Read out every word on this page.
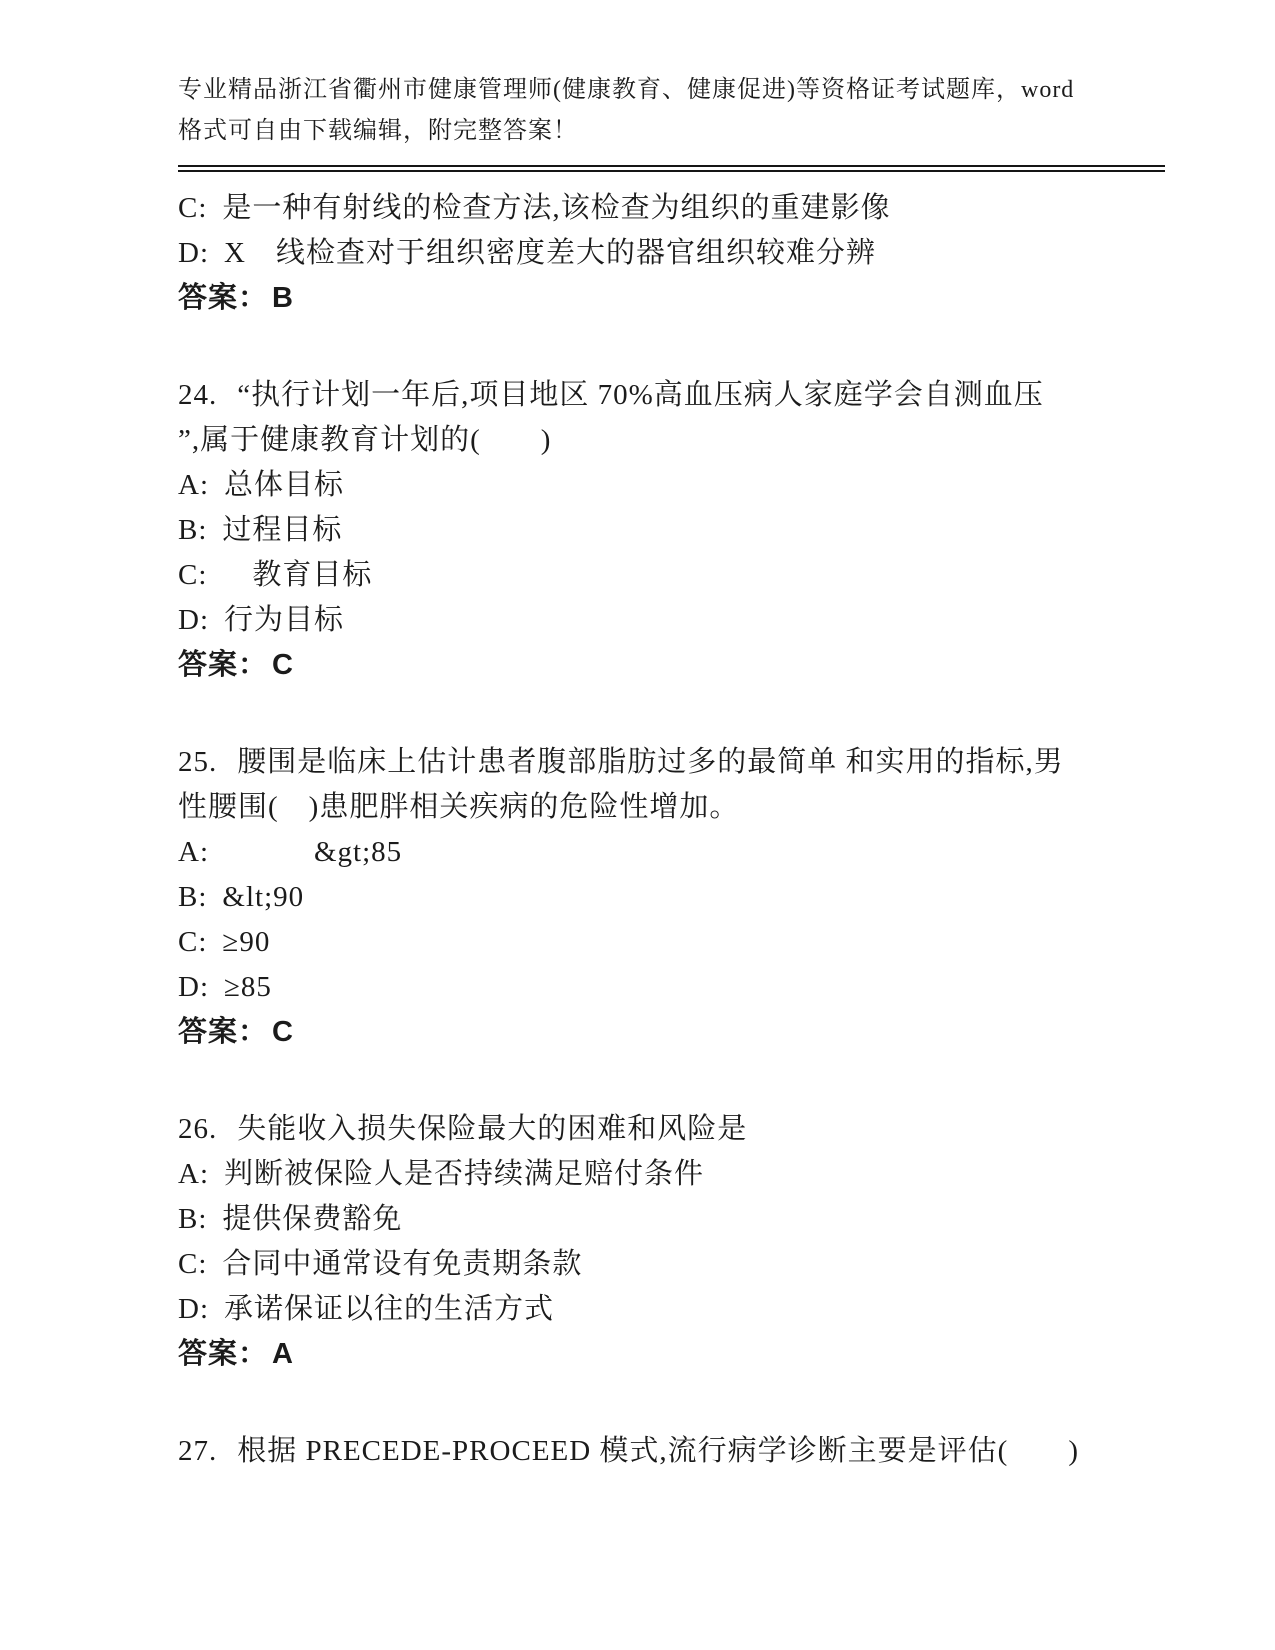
专业精品浙江省衢州市健康管理师(健康教育、健康促进)等资格证考试题库，word

格式可自由下载编辑，附完整答案！

C: 是一种有射线的检查方法,该检查为组织的重建影像

D: X　线检查对于组织密度差大的器官组织较难分辨

答案： B

24. “执行计划一年后,项目地区 70%高血压病人家庭学会自测血压

”,属于健康教育计划的(　　)

A: 总体目标

B: 过程目标

C:　教育目标

D: 行为目标

答案： C

25. 腰围是临床上估计患者腹部脂肪过多的最简单 和实用的指标,男

性腰围(　)患肥胖相关疾病的危险性增加。

A:　　　&gt;85

B: &lt;90

C: ≥90

D: ≥85

答案： C

26. 失能收入损失保险最大的困难和风险是

A: 判断被保险人是否持续满足赔付条件

B: 提供保费豁免

C: 合同中通常设有免责期条款

D: 承诺保证以往的生活方式

答案： A

27. 根据 PRECEDE-PROCEED 模式,流行病学诊断主要是评估(　　)
